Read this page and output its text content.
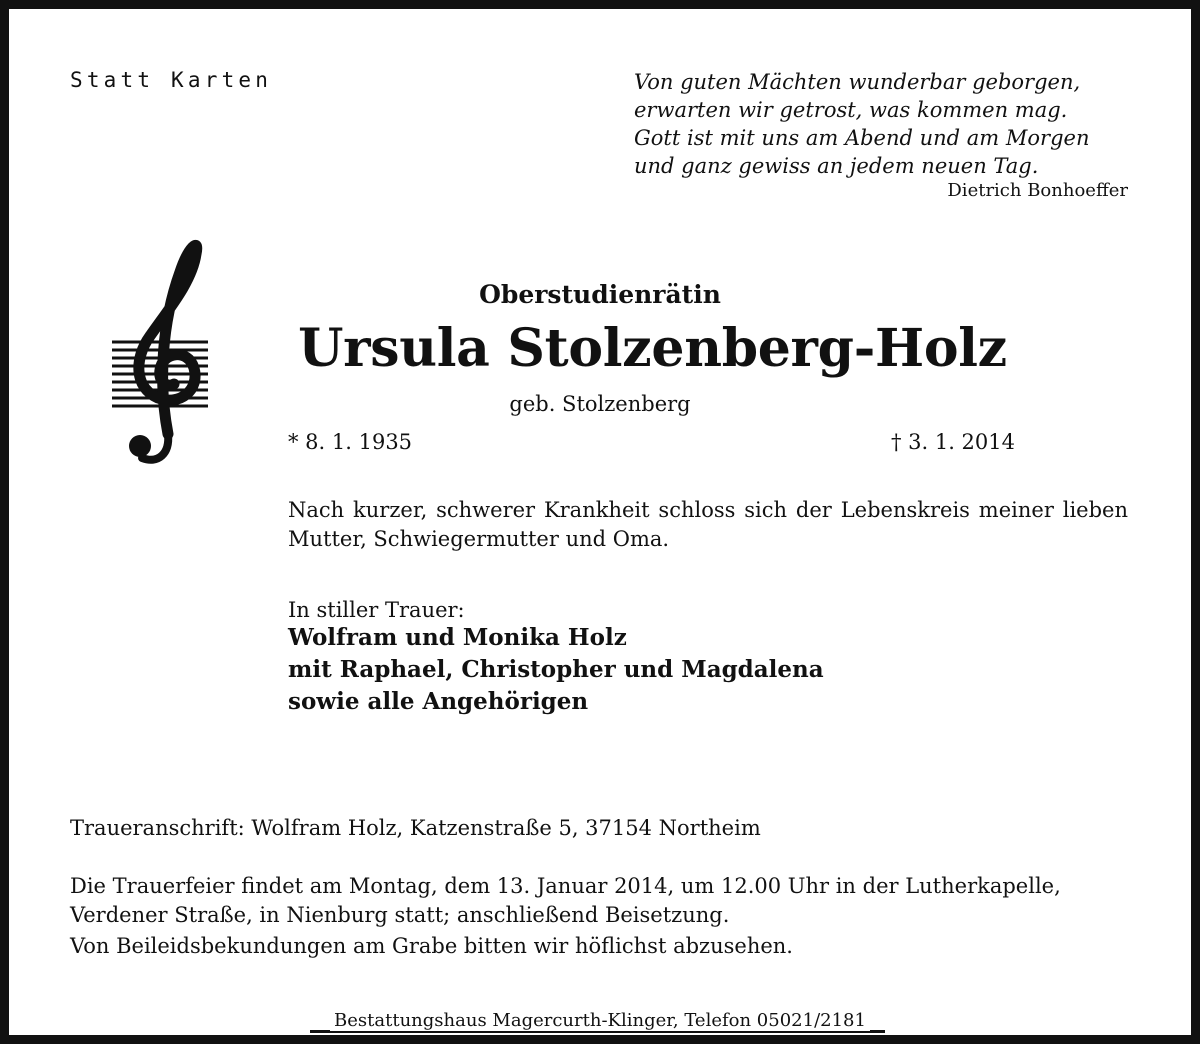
Statt Karten	Von guten Mächten wunderbar geborgen,
erwarten wir getrost, was kommen mag.
Gott ist mit uns am Abend und am Morgen
und ganz gewiss an jedem neuen Tag.
Dietrich Bonhoeffer
Oberstudienrätin
Ursula Stolzenberg-Holz
geb. Stolzenberg
* 8. 1. 1935	† 3. 1. 2014
Nach kurzer, schwerer Krankheit schloss sich der Lebenskreis meiner lieben Mutter, Schwiegermutter und Oma.
In stiller Trauer:
Wolfram und Monika Holz
mit Raphael, Christopher und Magdalena
sowie alle Angehörigen
Traueranschrift: Wolfram Holz, Katzenstraße 5, 37154 Northeim
Die Trauerfeier findet am Montag, dem 13. Januar 2014, um 12.00 Uhr in der Lutherkapelle,
Verdener Straße, in Nienburg statt; anschließend Beisetzung.
Von Beileidsbekundungen am Grabe bitten wir höflichst abzusehen.
Bestattungshaus Magercurth-Klinger, Telefon 05021/2181
